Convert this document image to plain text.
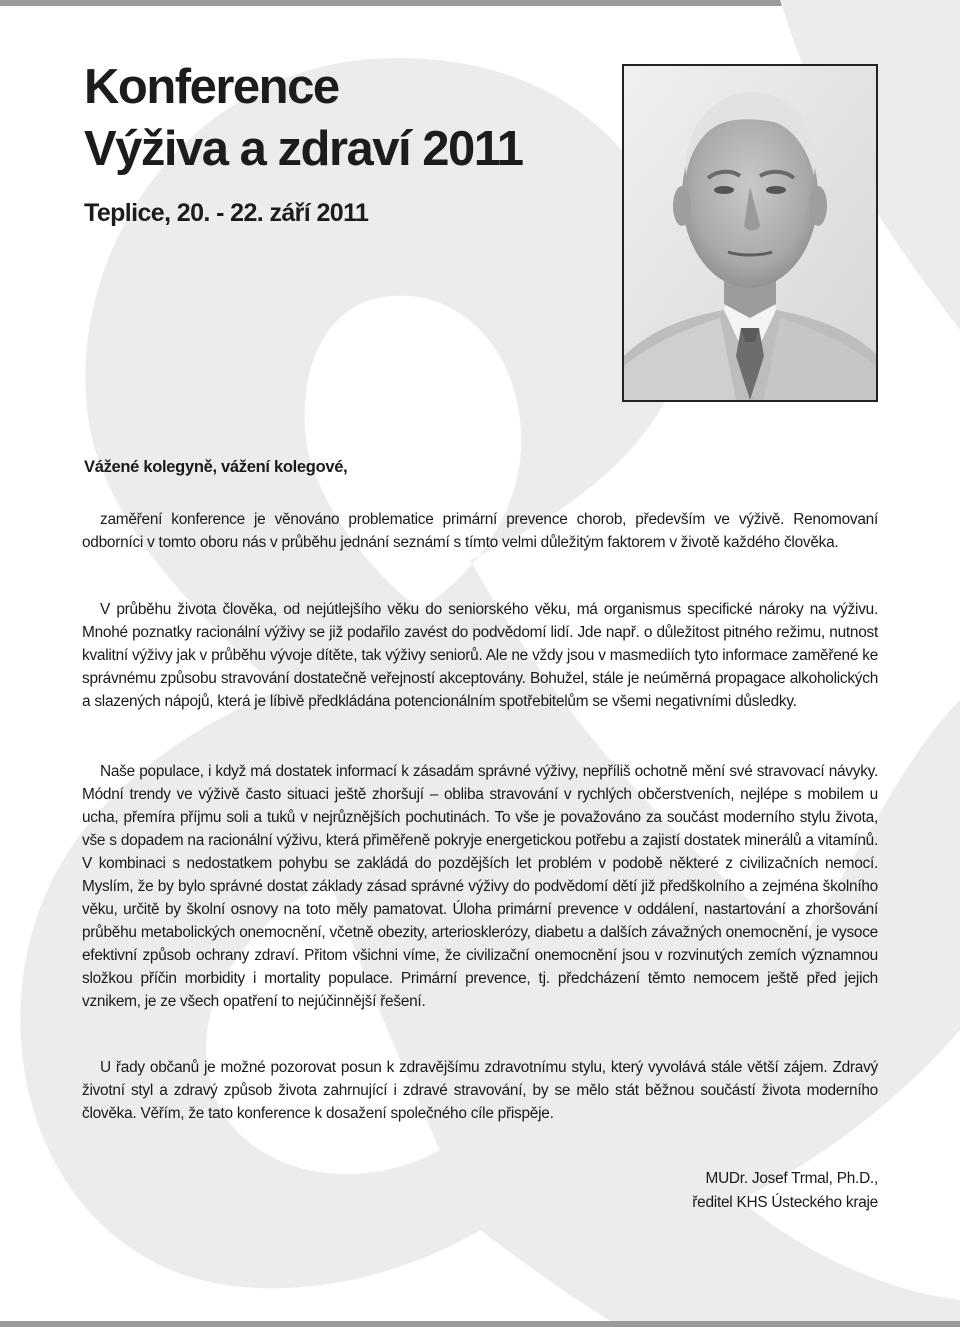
Konference
Výživa a zdraví 2011
Teplice, 20. - 22. září 2011

Vážené kolegyně, vážení kolegové,

zaměření konference je věnováno problematice primární prevence chorob, především ve výživě. Renomovaní odborníci v tomto oboru nás v průběhu jednání seznámí s tímto velmi důležitým faktorem v životě každého člověka.

V průběhu života člověka, od nejútlejšího věku do seniorského věku, má organismus specifické nároky na výživu. Mnohé poznatky racionální výživy se již podařilo zavést do podvědomí lidí. Jde např. o důležitost pitného režimu, nutnost kvalitní výživy jak v průběhu vývoje dítěte, tak výživy seniorů. Ale ne vždy jsou v masmediích tyto informace zaměřené ke správnému způsobu stravování dostatečně veřejností akceptovány. Bohužel, stále je neúměrná propagace alkoholických a slazených nápojů, která je líbivě předkládána potencionálním spotřebitelům se všemi negativními důsledky.

Naše populace, i když má dostatek informací k zásadám správné výživy, nepříliš ochotně mění své stravovací návyky. Módní trendy ve výživě často situaci ještě zhoršují – obliba stravování v rychlých občerstveních, nejlépe s mobilem u ucha, přemíra příjmu soli a tuků v nejrůznějších pochutinách. To vše je považováno za součást moderního stylu života, vše s dopadem na racionální výživu, která přiměřeně pokryje energetickou potřebu a zajistí dostatek minerálů a vitamínů. V kombinaci s nedostatkem pohybu se zakládá do pozdějších let problém v podobě některé z civilizačních nemocí. Myslím, že by bylo správné dostat základy zásad správné výživy do podvědomí dětí již předškolního a zejména školního věku, určitě by školní osnovy na toto měly pamatovat. Úloha primární prevence v oddálení, nastartování a zhoršování průběhu metabolických onemocnění, včetně obezity, arteriosklerózy, diabetu a dalších závažných onemocnění, je vysoce efektivní způsob ochrany zdraví. Přitom všichni víme, že civilizační onemocnění jsou v rozvinutých zemích významnou složkou příčin morbidity i mortality populace. Primární prevence, tj. předcházení těmto nemocem ještě před jejich vznikem, je ze všech opatření to nejúčinnější řešení.

U řady občanů je možné pozorovat posun k zdravějšímu zdravotnímu stylu, který vyvolává stále větší zájem. Zdravý životní styl a zdravý způsob života zahrnující i zdravé stravování, by se mělo stát běžnou součástí života moderního člověka. Věřím, že tato konference k dosažení společného cíle přispěje.

MUDr. Josef Trmal, Ph.D.,
ředitel KHS Ústeckého kraje
